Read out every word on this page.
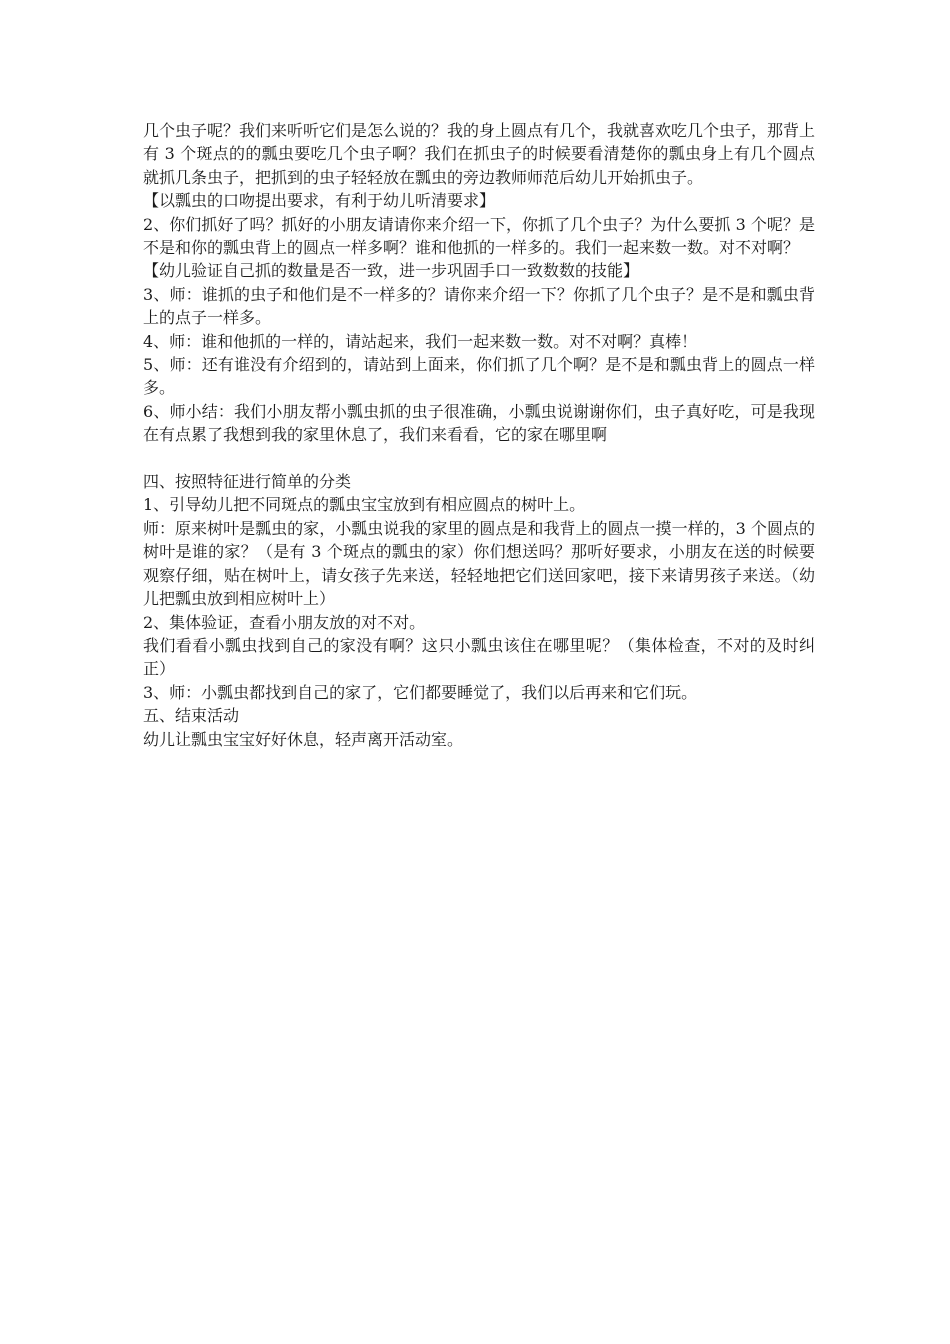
几个虫子呢？我们来听听它们是怎么说的？我的身上圆点有几个，我就喜欢吃几个虫子，那背上有 3 个斑点的的瓢虫要吃几个虫子啊？我们在抓虫子的时候要看清楚你的瓢虫身上有几个圆点就抓几条虫子，把抓到的虫子轻轻放在瓢虫的旁边教师师范后幼儿开始抓虫子。

【以瓢虫的口吻提出要求，有利于幼儿听清要求】

2、你们抓好了吗？抓好的小朋友请请你来介绍一下，你抓了几个虫子？为什么要抓 3 个呢？是不是和你的瓢虫背上的圆点一样多啊？谁和他抓的一样多的。我们一起来数一数。对不对啊？

【幼儿验证自己抓的数量是否一致，进一步巩固手口一致数数的技能】

3、师：谁抓的虫子和他们是不一样多的？请你来介绍一下？你抓了几个虫子？是不是和瓢虫背上的点子一样多。

4、师：谁和他抓的一样的，请站起来，我们一起来数一数。对不对啊？真棒！

5、师：还有谁没有介绍到的，请站到上面来，你们抓了几个啊？是不是和瓢虫背上的圆点一样多。

6、师小结：我们小朋友帮小瓢虫抓的虫子很准确，小瓢虫说谢谢你们，虫子真好吃，可是我现在有点累了我想到我的家里休息了，我们来看看，它的家在哪里啊

四、按照特征进行简单的分类

1、引导幼儿把不同斑点的瓢虫宝宝放到有相应圆点的树叶上。

师：原来树叶是瓢虫的家，小瓢虫说我的家里的圆点是和我背上的圆点一摸一样的，3 个圆点的树叶是谁的家？（是有 3 个斑点的瓢虫的家）你们想送吗？那听好要求，小朋友在送的时候要观察仔细，贴在树叶上，请女孩子先来送，轻轻地把它们送回家吧，接下来请男孩子来送。（幼儿把瓢虫放到相应树叶上）

2、集体验证，查看小朋友放的对不对。

我们看看小瓢虫找到自己的家没有啊？这只小瓢虫该住在哪里呢？（集体检查，不对的及时纠正）

3、师：小瓢虫都找到自己的家了，它们都要睡觉了，我们以后再来和它们玩。

五、结束活动

幼儿让瓢虫宝宝好好休息，轻声离开活动室。
